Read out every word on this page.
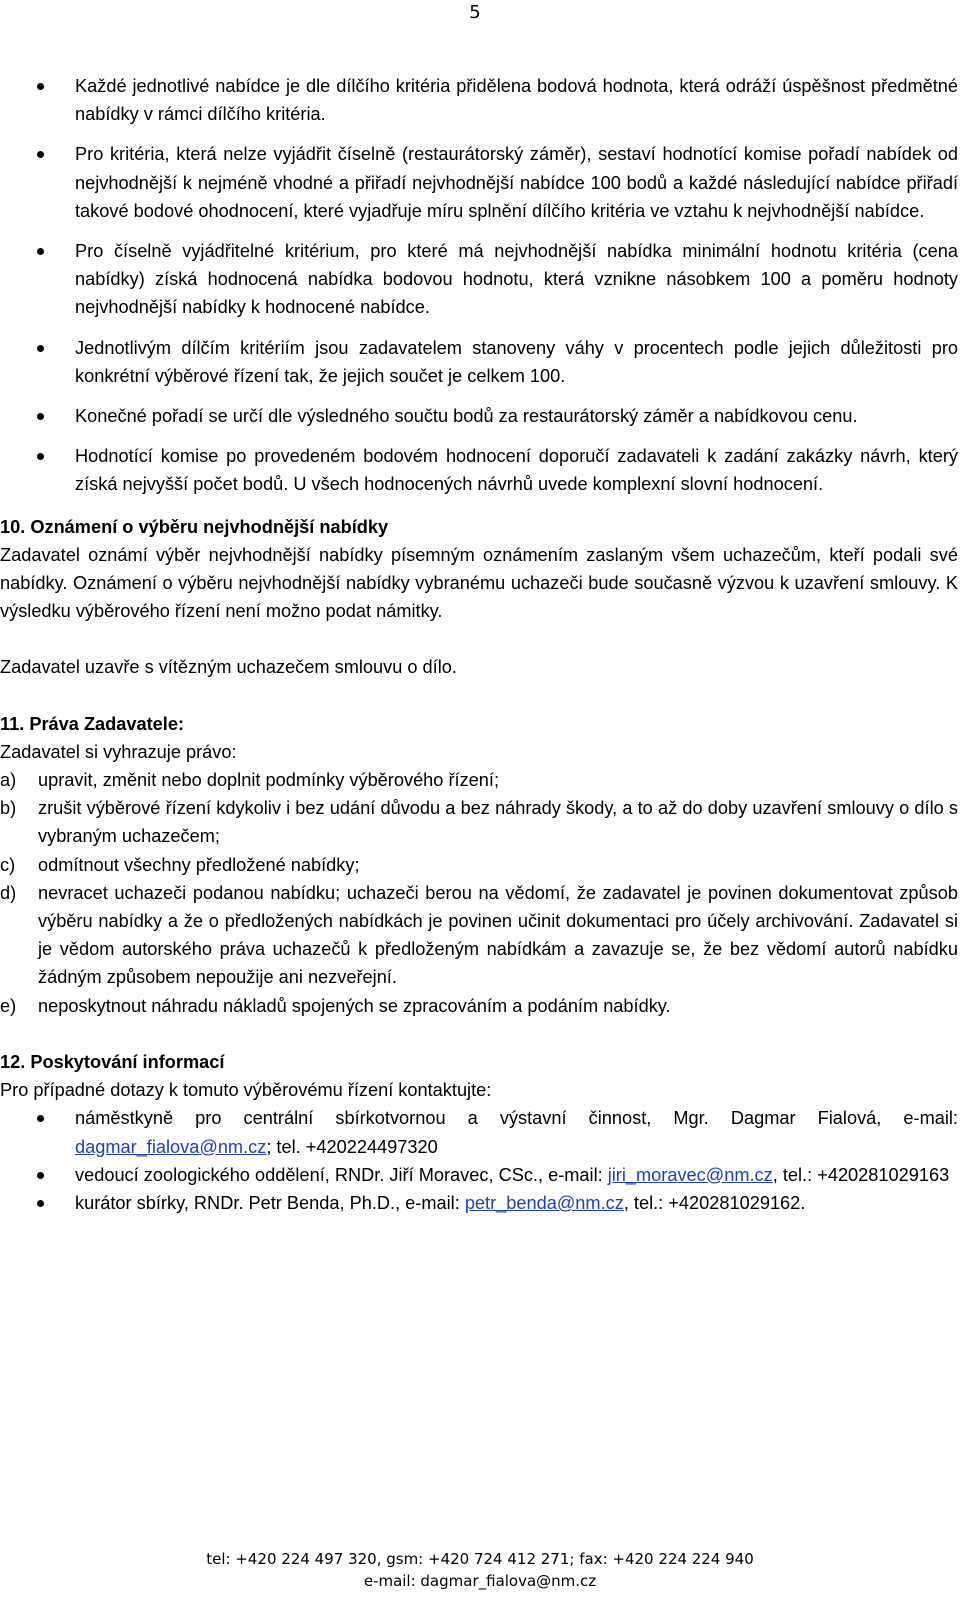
5
Každé jednotlivé nabídce je dle dílčího kritéria přidělena bodová hodnota, která odráží úspěšnost předmětné nabídky v rámci dílčího kritéria.
Pro kritéria, která nelze vyjádřit číselně (restaurátorský záměr), sestaví hodnotící komise pořadí nabídek od nejvhodnější k nejméně vhodné a přiřadí nejvhodnější nabídce 100 bodů a každé následující nabídce přiřadí takové bodové ohodnocení, které vyjadřuje míru splnění dílčího kritéria ve vztahu k nejvhodnější nabídce.
Pro číselně vyjádřitelné kritérium, pro které má nejvhodnější nabídka minimální hodnotu kritéria (cena nabídky) získá hodnocená nabídka bodovou hodnotu, která vznikne násobkem 100 a poměru hodnoty nejvhodnější nabídky k hodnocené nabídce.
Jednotlivým dílčím kritériím jsou zadavatelem stanoveny váhy v procentech podle jejich důležitosti pro konkrétní výběrové řízení tak, že jejich součet je celkem 100.
Konečné pořadí se určí dle výsledného součtu bodů za restaurátorský záměr a nabídkovou cenu.
Hodnotící komise po provedeném bodovém hodnocení doporučí zadavateli k zadání zakázky návrh, který získá nejvyšší počet bodů. U všech hodnocených návrhů uvede komplexní slovní hodnocení.
10. Oznámení o výběru nejvhodnější nabídky

Zadavatel oznámí výběr nejvhodnější nabídky písemným oznámením zaslaným všem uchazečům, kteří podali své nabídky. Oznámení o výběru nejvhodnější nabídky vybranému uchazeči bude současně výzvou k uzavření smlouvy. K výsledku výběrového řízení není možno podat námitky.

Zadavatel uzavře s vítězným uchazečem smlouvu o dílo.

11. Práva Zadavatele:

Zadavatel si vyhrazuje právo:

a) upravit, změnit nebo doplnit podmínky výběrového řízení;
b) zrušit výběrové řízení kdykoliv i bez udání důvodu a bez náhrady škody, a to až do doby uzavření smlouvy o dílo s vybraným uchazečem;
c) odmítnout všechny předložené nabídky;
d) nevracet uchazeči podanou nabídku; uchazeči berou na vědomí, že zadavatel je povinen dokumentovat způsob výběru nabídky a že o předložených nabídkách je povinen učinit dokumentaci pro účely archivování. Zadavatel si je vědom autorského práva uchazečů k předloženým nabídkám a zavazuje se, že bez vědomí autorů nabídku žádným způsobem nepoužije ani nezveřejní.
e) neposkytnout náhradu nákladů spojených se zpracováním a podáním nabídky.
12. Poskytování informací

Pro případné dotazy k tomuto výběrovému řízení kontaktujte:

náměstkyně pro centrální sbírkotvornou a výstavní činnost, Mgr. Dagmar Fialová, e-mail: dagmar_fialova@nm.cz; tel. +420224497320
vedoucí zoologického oddělení, RNDr. Jiří Moravec, CSc., e-mail: jiri_moravec@nm.cz, tel.: +420281029163
kurátor sbírky, RNDr. Petr Benda, Ph.D., e-mail: petr_benda@nm.cz, tel.: +420281029162.
tel: +420 224 497 320, gsm: +420 724 412 271; fax: +420 224 224 940
e-mail: dagmar_fialova@nm.cz
